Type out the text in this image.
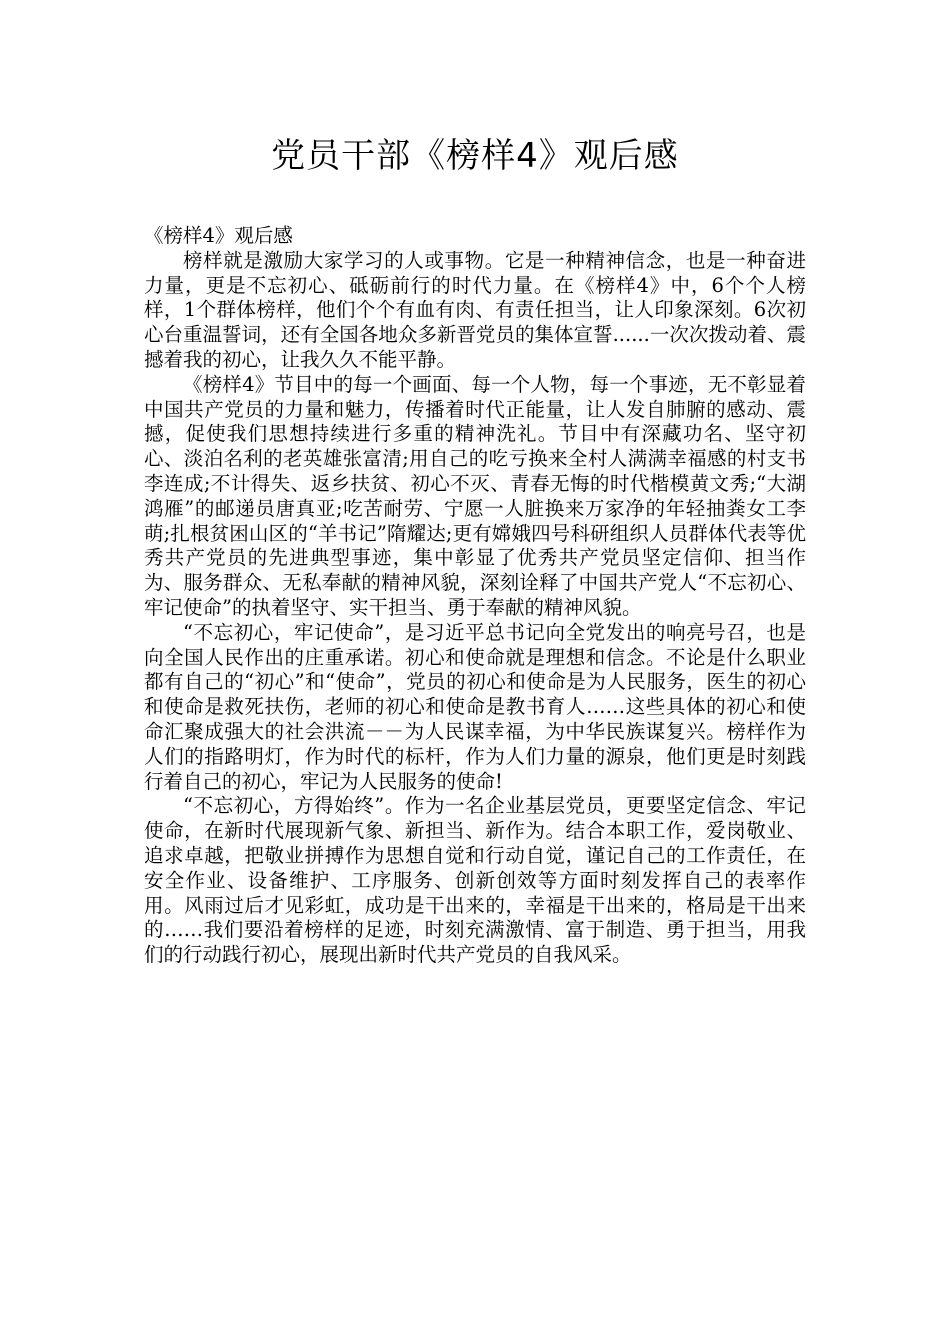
党员干部《榜样4》观后感

《榜样4》观后感

榜样就是激励大家学习的人或事物。它是一种精神信念，也是一种奋进力量，更是不忘初心、砥砺前行的时代力量。在《榜样4》中，6个个人榜样，1个群体榜样，他们个个有血有肉、有责任担当，让人印象深刻。6次初心台重温誓词，还有全国各地众多新晋党员的集体宣誓......一次次拨动着、震撼着我的初心，让我久久不能平静。

《榜样4》节目中的每一个画面、每一个人物，每一个事迹，无不彰显着中国共产党员的力量和魅力，传播着时代正能量，让人发自肺腑的感动、震撼，促使我们思想持续进行多重的精神洗礼。节目中有深藏功名、坚守初心、淡泊名利的老英雄张富清;用自己的吃亏换来全村人满满幸福感的村支书李连成;不计得失、返乡扶贫、初心不灭、青春无悔的时代楷模黄文秀;“大湖鸿雁”的邮递员唐真亚;吃苦耐劳、宁愿一人脏换来万家净的年轻抽粪女工李萌;扎根贫困山区的“羊书记”隋耀达;更有嫦娥四号科研组织人员群体代表等优秀共产党员的先进典型事迹，集中彰显了优秀共产党员坚定信仰、担当作为、服务群众、无私奉献的精神风貌，深刻诠释了中国共产党人“不忘初心、牢记使命”的执着坚守、实干担当、勇于奉献的精神风貌。

“不忘初心，牢记使命”，是习近平总书记向全党发出的响亮号召，也是向全国人民作出的庄重承诺。初心和使命就是理想和信念。不论是什么职业都有自己的“初心”和“使命”，党员的初心和使命是为人民服务，医生的初心和使命是救死扶伤，老师的初心和使命是教书育人……这些具体的初心和使命汇聚成强大的社会洪流－－为人民谋幸福，为中华民族谋复兴。榜样作为人们的指路明灯，作为时代的标杆，作为人们力量的源泉，他们更是时刻践行着自己的初心，牢记为人民服务的使命!

“不忘初心，方得始终”。作为一名企业基层党员，更要坚定信念、牢记使命，在新时代展现新气象、新担当、新作为。结合本职工作，爱岗敬业、追求卓越，把敬业拼搏作为思想自觉和行动自觉，谨记自己的工作责任，在安全作业、设备维护、工序服务、创新创效等方面时刻发挥自己的表率作用。风雨过后才见彩虹，成功是干出来的，幸福是干出来的，格局是干出来的……我们要沿着榜样的足迹，时刻充满激情、富于制造、勇于担当，用我们的行动践行初心，展现出新时代共产党员的自我风采。
